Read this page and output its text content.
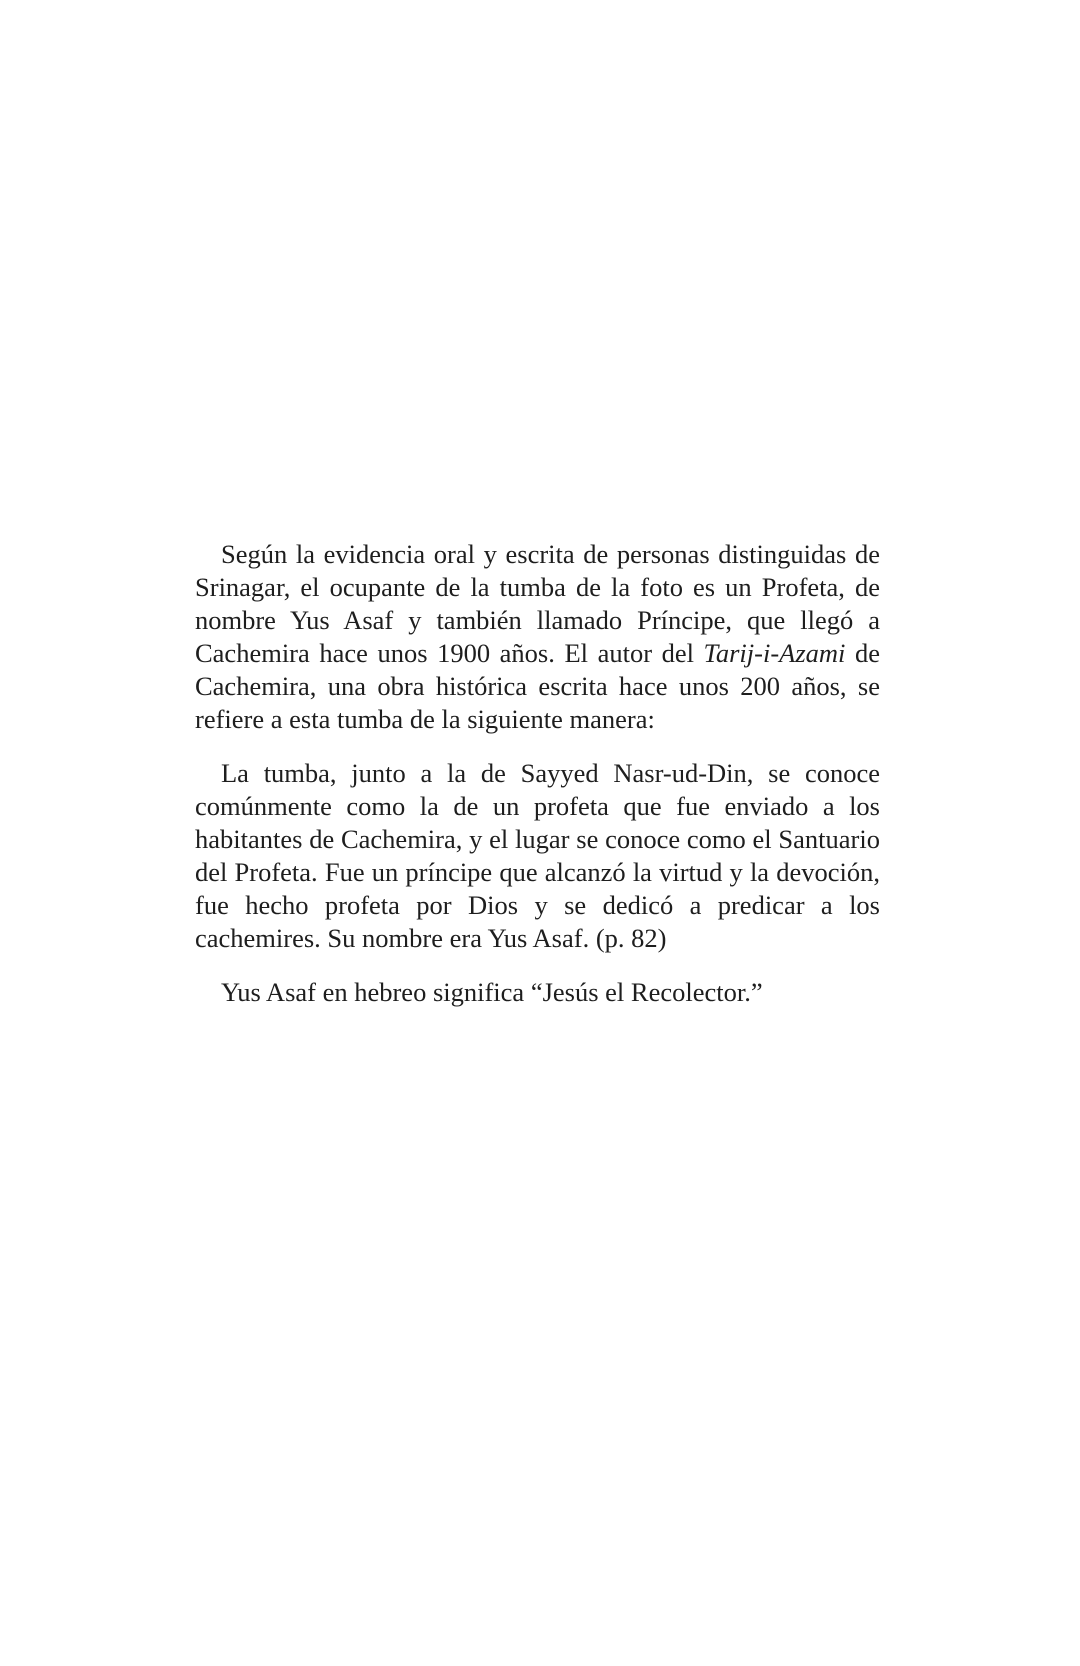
Según la evidencia oral y escrita de personas distinguidas de Srinagar, el ocupante de la tumba de la foto es un Profeta, de nombre Yus Asaf y también llamado Príncipe, que llegó a Cachemira hace unos 1900 años. El autor del Tarij-i-Azami de Cachemira, una obra histórica escrita hace unos 200 años, se refiere a esta tumba de la siguiente manera:

La tumba, junto a la de Sayyed Nasr-ud-Din, se conoce comúnmente como la de un profeta que fue enviado a los habitantes de Cachemira, y el lugar se conoce como el Santuario del Profeta. Fue un príncipe que alcanzó la virtud y la devoción, fue hecho profeta por Dios y se dedicó a predicar a los cachemires. Su nombre era Yus Asaf. (p. 82)

Yus Asaf en hebreo significa “Jesús el Recolector.”
